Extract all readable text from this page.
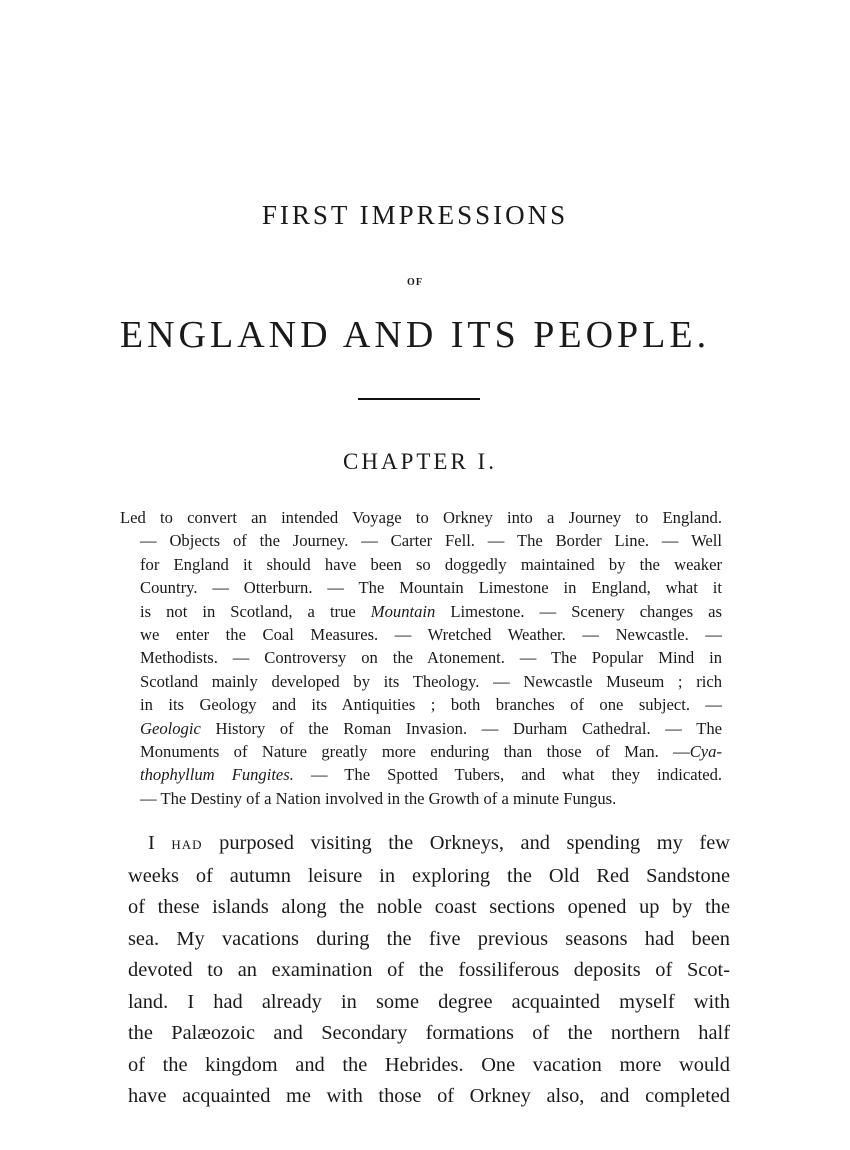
FIRST IMPRESSIONS
OF
ENGLAND AND ITS PEOPLE.
CHAPTER I.
Led to convert an intended Voyage to Orkney into a Journey to England.
— Objects of the Journey. — Carter Fell. — The Border Line. — Well
for England it should have been so doggedly maintained by the weaker
Country. — Otterburn. — The Mountain Limestone in England, what it
is not in Scotland, a true Mountain Limestone. — Scenery changes as
we enter the Coal Measures. — Wretched Weather. — Newcastle. —
Methodists. — Controversy on the Atonement. — The Popular Mind in
Scotland mainly developed by its Theology. — Newcastle Museum ; rich
in its Geology and its Antiquities ; both branches of one subject. —
Geologic History of the Roman Invasion. — Durham Cathedral. — The
Monuments of Nature greatly more enduring than those of Man. —Cya-
thophyllum Fungites. — The Spotted Tubers, and what they indicated.
— The Destiny of a Nation involved in the Growth of a minute Fungus.
I HAD purposed visiting the Orkneys, and spending my few
weeks of autumn leisure in exploring the Old Red Sandstone
of these islands along the noble coast sections opened up by the
sea. My vacations during the five previous seasons had been
devoted to an examination of the fossiliferous deposits of Scot-
land. I had already in some degree acquainted myself with
the Palæozoic and Secondary formations of the northern half
of the kingdom and the Hebrides. One vacation more would
have acquainted me with those of Orkney also, and completed
